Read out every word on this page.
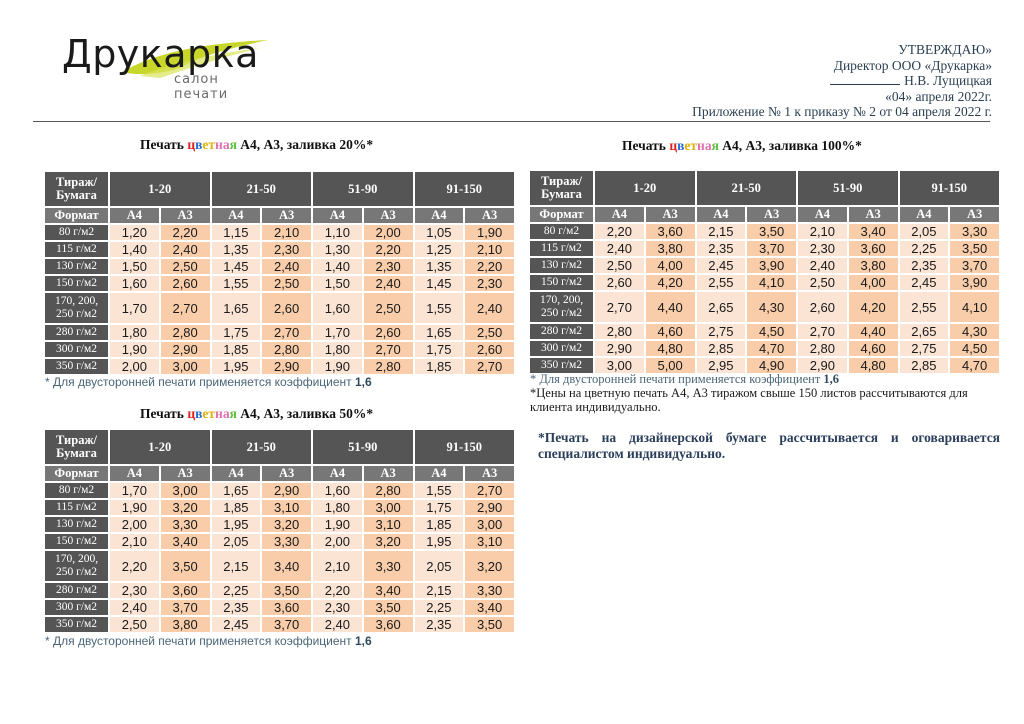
Друкарка
салон печати
УТВЕРЖДАЮ»
Директор ООО «Друкарка»
Н.В. Лущицкая
«04» апреля 2022г.
Приложение № 1 к приказу № 2 от 04 апреля 2022 г.
Печать цветная А4, А3, заливка 20%*
Печать цветная А4, А3, заливка 50%*
Печать цветная А4, А3, заливка 100%*
Тираж/
Бумага	1-20		21-50		51-90		91-150	
Формат	А4	А3	А4	А3	А4	А3	А4	А3
80 г/м2	1,20	2,20	1,15	2,10	1,10	2,00	1,05	1,90
115 г/м2	1,40	2,40	1,35	2,30	1,30	2,20	1,25	2,10
130 г/м2	1,50	2,50	1,45	2,40	1,40	2,30	1,35	2,20
150 г/м2	1,60	2,60	1,55	2,50	1,50	2,40	1,45	2,30
170, 200,
250 г/м2	1,70	2,70	1,65	2,60	1,60	2,50	1,55	2,40
280 г/м2	1,80	2,80	1,75	2,70	1,70	2,60	1,65	2,50
300 г/м2	1,90	2,90	1,85	2,80	1,80	2,70	1,75	2,60
350 г/м2	2,00	3,00	1,95	2,90	1,90	2,80	1,85	2,70
Тираж/
Бумага	1-20		21-50		51-90		91-150	
Формат	А4	А3	А4	А3	А4	А3	А4	А3
80 г/м2	1,70	3,00	1,65	2,90	1,60	2,80	1,55	2,70
115 г/м2	1,90	3,20	1,85	3,10	1,80	3,00	1,75	2,90
130 г/м2	2,00	3,30	1,95	3,20	1,90	3,10	1,85	3,00
150 г/м2	2,10	3,40	2,05	3,30	2,00	3,20	1,95	3,10
170, 200,
250 г/м2	2,20	3,50	2,15	3,40	2,10	3,30	2,05	3,20
280 г/м2	2,30	3,60	2,25	3,50	2,20	3,40	2,15	3,30
300 г/м2	2,40	3,70	2,35	3,60	2,30	3,50	2,25	3,40
350 г/м2	2,50	3,80	2,45	3,70	2,40	3,60	2,35	3,50
Тираж/
Бумага	1-20		21-50		51-90		91-150	
Формат	А4	А3	А4	А3	А4	А3	А4	А3
80 г/м2	2,20	3,60	2,15	3,50	2,10	3,40	2,05	3,30
115 г/м2	2,40	3,80	2,35	3,70	2,30	3,60	2,25	3,50
130 г/м2	2,50	4,00	2,45	3,90	2,40	3,80	2,35	3,70
150 г/м2	2,60	4,20	2,55	4,10	2,50	4,00	2,45	3,90
170, 200,
250 г/м2	2,70	4,40	2,65	4,30	2,60	4,20	2,55	4,10
280 г/м2	2,80	4,60	2,75	4,50	2,70	4,40	2,65	4,30
300 г/м2	2,90	4,80	2,85	4,70	2,80	4,60	2,75	4,50
350 г/м2	3,00	5,00	2,95	4,90	2,90	4,80	2,85	4,70
* Для двусторонней печати применяется коэффициент 1,6
* Для двусторонней печати применяется коэффициент 1,6
* Для двусторонней печати применяется коэффициент 1,6
*Цены на цветную печать А4, А3 тиражом свыше 150 листов рассчитываются для клиента индивидуально.
*Печать на дизайнерской бумаге рассчитывается и оговаривается специалистом индивидуально.
